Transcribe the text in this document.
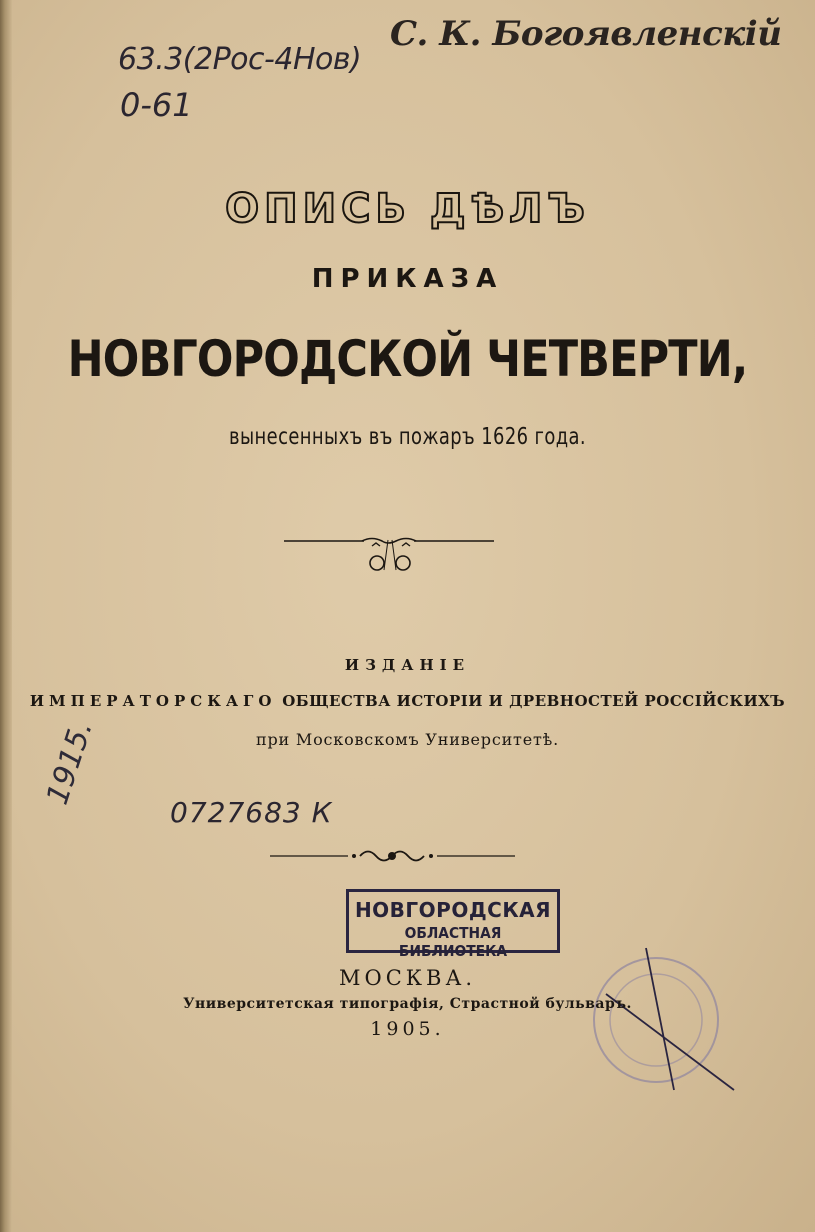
63.3(2Рос-4Нов)
0-61
С. К. Богоявленскiй
ОПИСЬ ДѢЛЪ
ПРИКАЗА
НОВГОРОДСКОЙ ЧЕТВЕРТИ,
вынесенныхъ въ пожаръ 1626 года.
ИЗДАНIЕ
ИМПЕРАТОРСКАГО ОБЩЕСТВА ИСТОРIИ И ДРЕВНОСТЕЙ РОССIЙСКИХЪ
при Московскомъ Университетѣ.
1915.
0727683 К
НОВГОРОДСКАЯ
ОБЛАСТНАЯ БИБЛИОТЕКА
МОСКВА.
Университетская типографiя, Страстной бульваръ.
1905.
